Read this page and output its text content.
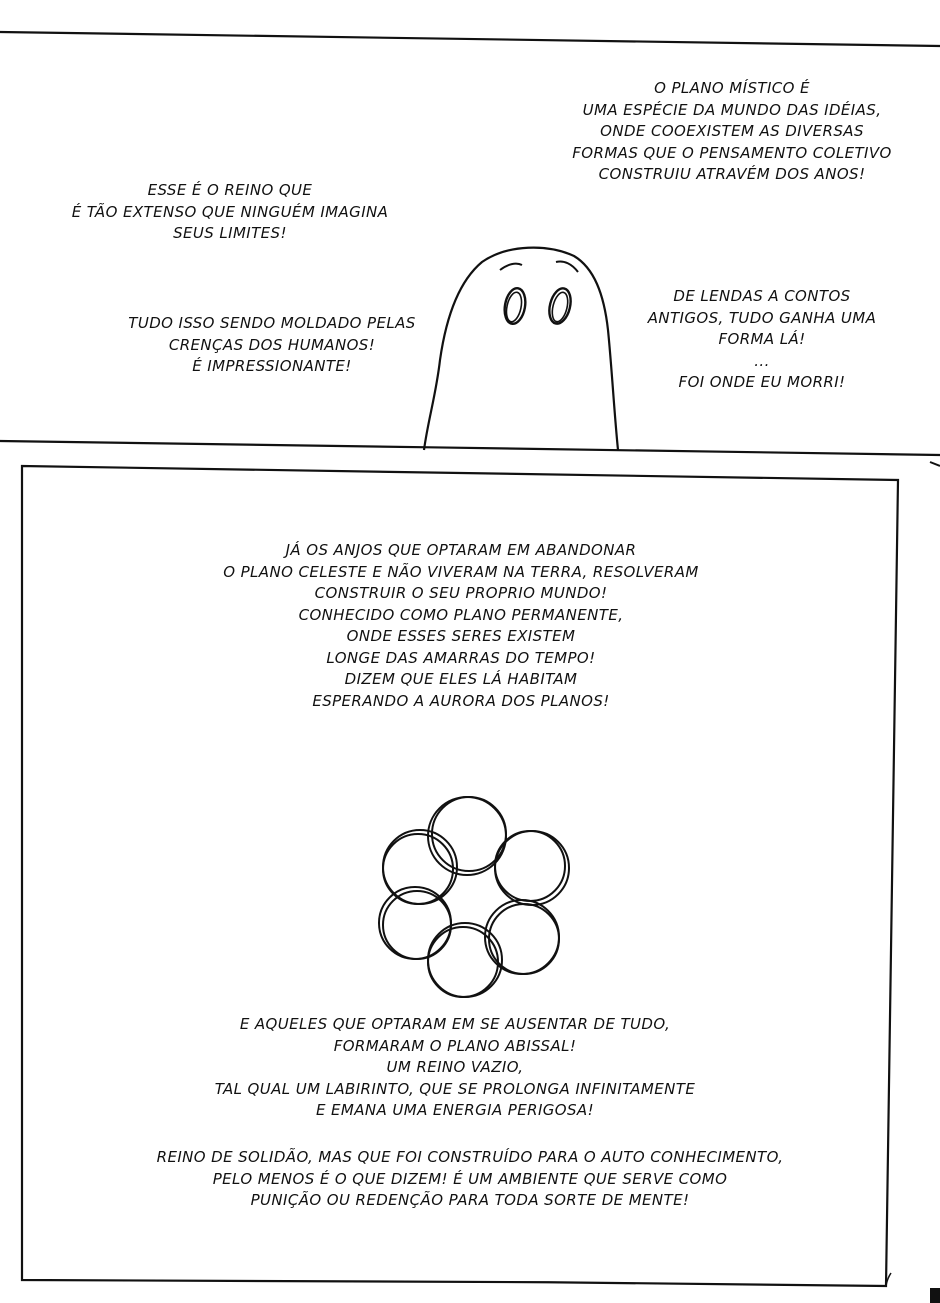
O PLANO MÍSTICO É
UMA ESPÉCIE DA MUNDO DAS IDÉIAS,
ONDE COOEXISTEM AS DIVERSAS
FORMAS QUE O PENSAMENTO COLETIVO
CONSTRUIU ATRAVÉM DOS ANOS!
ESSE É O REINO QUE
É TÃO EXTENSO QUE NINGUÉM IMAGINA
SEUS LIMITES!
TUDO ISSO SENDO MOLDADO PELAS
CRENÇAS DOS HUMANOS!
É IMPRESSIONANTE!
DE LENDAS A CONTOS
ANTIGOS, TUDO GANHA UMA
FORMA LÁ!
...
FOI ONDE EU MORRI!
JÁ OS ANJOS QUE OPTARAM EM ABANDONAR
O PLANO CELESTE E NÃO VIVERAM NA TERRA, RESOLVERAM
CONSTRUIR O SEU PROPRIO MUNDO!
CONHECIDO COMO PLANO PERMANENTE,
ONDE ESSES SERES EXISTEM
LONGE DAS AMARRAS DO TEMPO!
DIZEM QUE ELES LÁ HABITAM
ESPERANDO A AURORA DOS PLANOS!
E AQUELES QUE OPTARAM EM SE AUSENTAR DE TUDO,
FORMARAM O PLANO ABISSAL!
UM REINO VAZIO,
TAL QUAL UM LABIRINTO, QUE SE PROLONGA INFINITAMENTE
E EMANA UMA ENERGIA PERIGOSA!
REINO DE SOLIDÃO, MAS QUE FOI CONSTRUÍDO PARA O AUTO CONHECIMENTO,
PELO MENOS É O QUE DIZEM! É UM AMBIENTE QUE SERVE COMO
PUNIÇÃO OU REDENÇÃO PARA TODA SORTE DE MENTE!
